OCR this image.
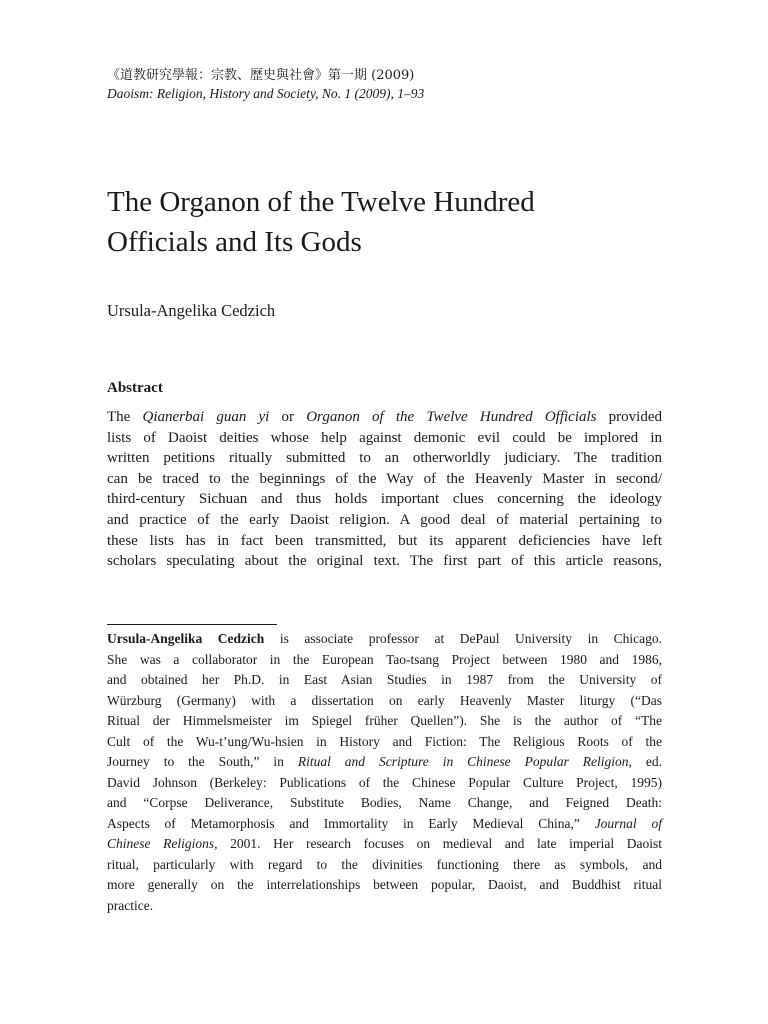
《道教研究學報：宗教、歷史與社會》第一期 (2009)
Daoism: Religion, History and Society, No. 1 (2009), 1–93
The Organon of the Twelve Hundred
Officials and Its Gods
Ursula-Angelika Cedzich
Abstract
The Qianerbai guan yi or Organon of the Twelve Hundred Officials provided
lists of Daoist deities whose help against demonic evil could be implored in
written petitions ritually submitted to an otherworldly judiciary. The tradition
can be traced to the beginnings of the Way of the Heavenly Master in second/
third-century Sichuan and thus holds important clues concerning the ideology
and practice of the early Daoist religion. A good deal of material pertaining to
these lists has in fact been transmitted, but its apparent deficiencies have left
scholars speculating about the original text. The first part of this article reasons,
Ursula-Angelika Cedzich is associate professor at DePaul University in Chicago.
She was a collaborator in the European Tao-tsang Project between 1980 and 1986,
and obtained her Ph.D. in East Asian Studies in 1987 from the University of
Würzburg (Germany) with a dissertation on early Heavenly Master liturgy (“Das
Ritual der Himmelsmeister im Spiegel früher Quellen”). She is the author of “The
Cult of the Wu-t’ung/Wu-hsien in History and Fiction: The Religious Roots of the
Journey to the South,” in Ritual and Scripture in Chinese Popular Religion, ed.
David Johnson (Berkeley: Publications of the Chinese Popular Culture Project, 1995)
and “Corpse Deliverance, Substitute Bodies, Name Change, and Feigned Death:
Aspects of Metamorphosis and Immortality in Early Medieval China,” Journal of
Chinese Religions, 2001. Her research focuses on medieval and late imperial Daoist
ritual, particularly with regard to the divinities functioning there as symbols, and
more generally on the interrelationships between popular, Daoist, and Buddhist ritual
practice.
